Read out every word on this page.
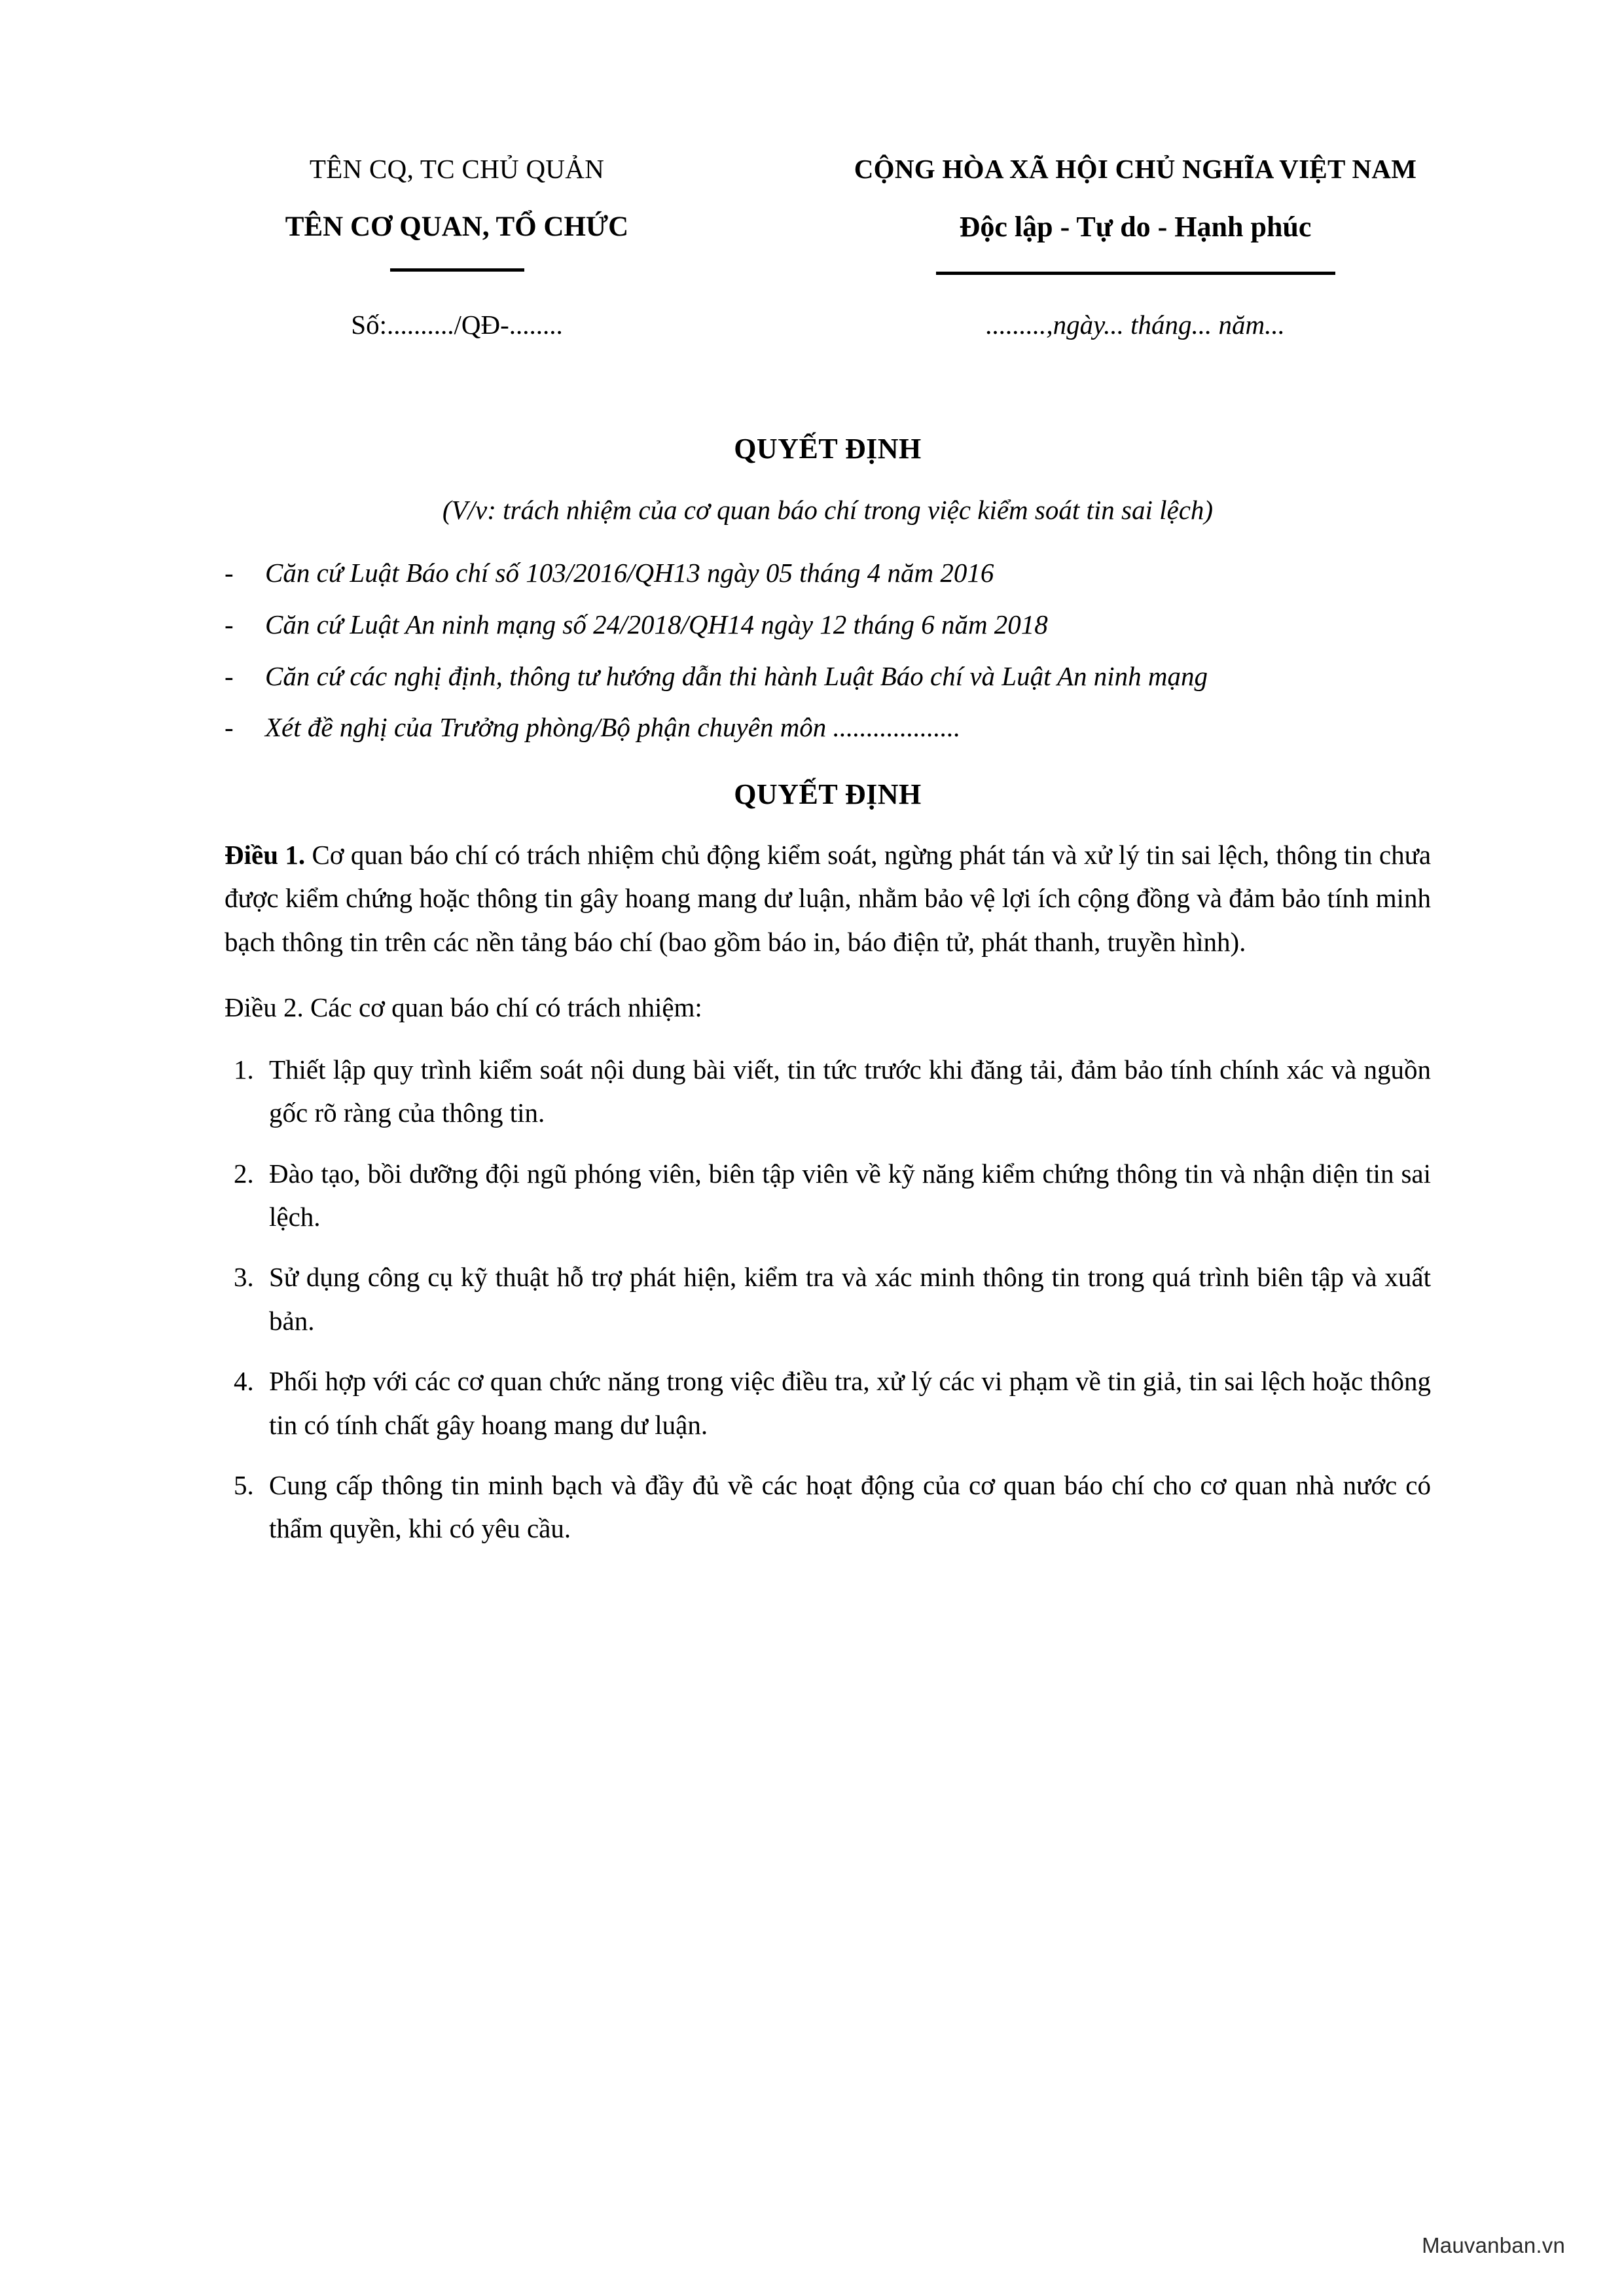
TÊN CQ, TC CHỦ QUẢN
TÊN CƠ QUAN, TỔ CHỨC
CỘNG HÒA XÃ HỘI CHỦ NGHĨA VIỆT NAM
Độc lập - Tự do - Hạnh phúc
Số:........../QĐ-........	.........,ngày... tháng... năm...
QUYẾT ĐỊNH
(V/v: trách nhiệm của cơ quan báo chí trong việc kiểm soát tin sai lệch)
-	Căn cứ Luật Báo chí số 103/2016/QH13 ngày 05 tháng 4 năm 2016
-	Căn cứ Luật An ninh mạng số 24/2018/QH14 ngày 12 tháng 6 năm 2018
-	Căn cứ các nghị định, thông tư hướng dẫn thi hành Luật Báo chí và Luật An ninh mạng
-	Xét đề nghị của Trưởng phòng/Bộ phận chuyên môn ...................
QUYẾT ĐỊNH
Điều 1. Cơ quan báo chí có trách nhiệm chủ động kiểm soát, ngừng phát tán và xử lý tin sai lệch, thông tin chưa được kiểm chứng hoặc thông tin gây hoang mang dư luận, nhằm bảo vệ lợi ích cộng đồng và đảm bảo tính minh bạch thông tin trên các nền tảng báo chí (bao gồm báo in, báo điện tử, phát thanh, truyền hình).
Điều 2. Các cơ quan báo chí có trách nhiệm:
1. Thiết lập quy trình kiểm soát nội dung bài viết, tin tức trước khi đăng tải, đảm bảo tính chính xác và nguồn gốc rõ ràng của thông tin.
2. Đào tạo, bồi dưỡng đội ngũ phóng viên, biên tập viên về kỹ năng kiểm chứng thông tin và nhận diện tin sai lệch.
3. Sử dụng công cụ kỹ thuật hỗ trợ phát hiện, kiểm tra và xác minh thông tin trong quá trình biên tập và xuất bản.
4. Phối hợp với các cơ quan chức năng trong việc điều tra, xử lý các vi phạm về tin giả, tin sai lệch hoặc thông tin có tính chất gây hoang mang dư luận.
5. Cung cấp thông tin minh bạch và đầy đủ về các hoạt động của cơ quan báo chí cho cơ quan nhà nước có thẩm quyền, khi có yêu cầu.
Mauvanban.vn
